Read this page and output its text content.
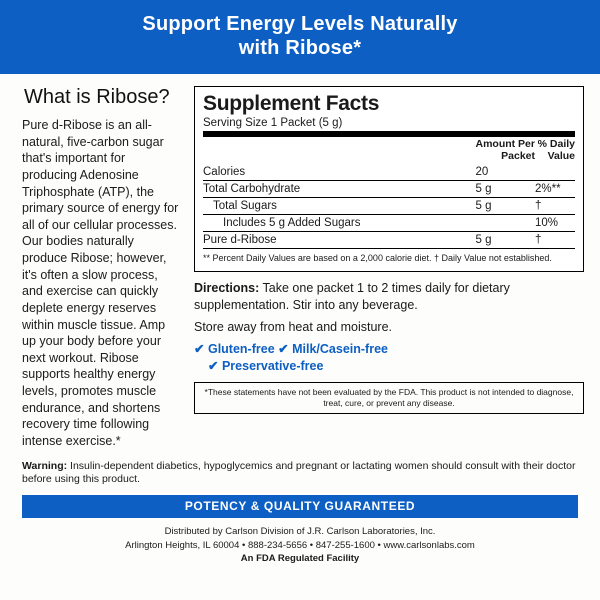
Support Energy Levels Naturally
with Ribose*
What is Ribose?

Pure d-Ribose is an all-natural, five-carbon sugar that's important for producing Adenosine Triphosphate (ATP), the primary source of energy for all of our cellular processes. Our bodies naturally produce Ribose; however, it's often a slow process, and exercise can quickly deplete energy reserves within muscle tissue. Amp up your body before your next workout. Ribose supports healthy energy levels, promotes muscle endurance, and shortens recovery time following intense exercise.*

Supplement Facts
Serving Size 1 Packet (5 g)
	Amount Per
Packet	% Daily
Value
Calories	20	
Total Carbohydrate	5 g	2%**
Total Sugars	5 g	†
Includes 5 g Added Sugars		10%
Pure d-Ribose	5 g	†
** Percent Daily Values are based on a 2,000 calorie diet. † Daily Value not established.
Directions: Take one packet 1 to 2 times daily for dietary supplementation. Stir into any beverage.
Store away from heat and moisture.
✔ Gluten-free ✔ Milk/Casein-free
✔ Preservative-free
*These statements have not been evaluated by the FDA. This product is not intended to diagnose, treat, cure, or prevent any disease.
Warning: Insulin-dependent diabetics, hypoglycemics and pregnant or lactating women should consult with their doctor before using this product.
POTENCY & QUALITY GUARANTEED
Distributed by Carlson Division of J.R. Carlson Laboratories, Inc.
Arlington Heights, IL 60004 • 888-234-5656 • 847-255-1600 • www.carlsonlabs.com
An FDA Regulated Facility
